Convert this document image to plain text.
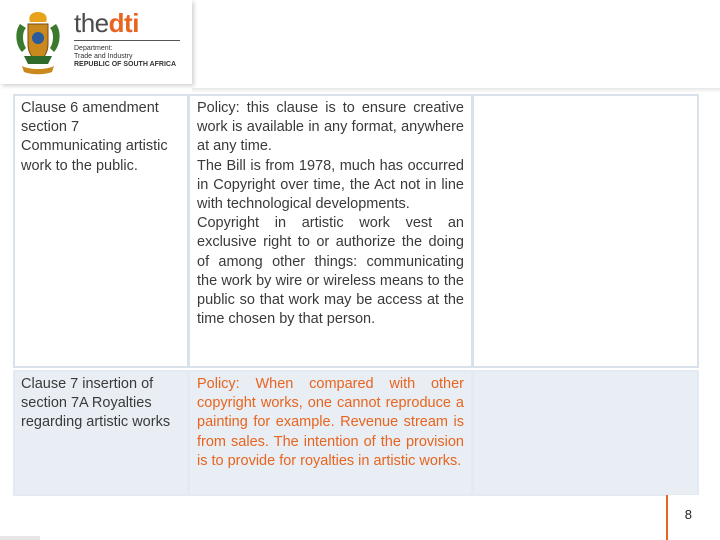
thedti
Department:
Trade and Industry
REPUBLIC OF SOUTH AFRICA

Clause 6 amendment section 7 Communicating artistic work to the public.

Policy: this clause is to ensure creative work is available in any format, anywhere at any time.

The Bill is from 1978, much has occurred in Copyright over time, the Act not in line with technological developments.

Copyright in artistic work vest an exclusive right to or authorize the doing of among other things: communicating the work by wire or wireless means to the public so that work may be access at the time chosen by that person.

Clause 7 insertion of section 7A Royalties regarding artistic works

Policy: When compared with other copyright works, one cannot reproduce a painting for example. Revenue stream is from sales. The intention of the provision is to provide for royalties in artistic works.

8
